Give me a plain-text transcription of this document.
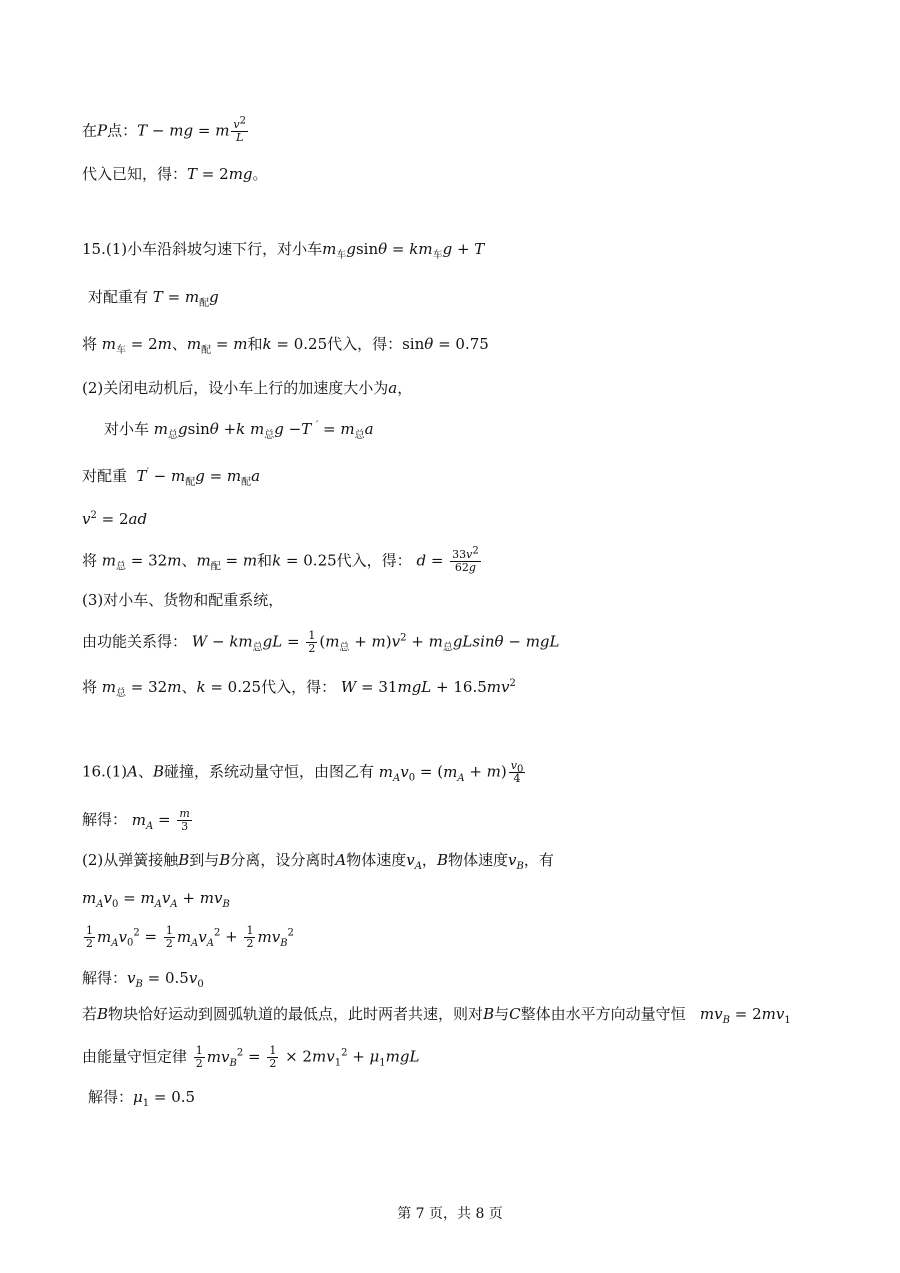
在P点：T − mg = m $\frac{v^2}{L}$
代入已知，得：T = 2mg。
15.(1)小车沿斜坡匀速下行，对小车$m_车gsin\theta = km_车g + T$
对配重有 $T = m_配g$
将 $m_车 = 2m$、$m_配 = m$和k = 0.25代入，得：sinθ = 0.75
(2)关闭电动机后，设小车上行的加速度大小为a，
对小车 $m_总gsin\theta +k$ $m_总g -T$ $' = m_总a$
对配重  $T' - m_配g = m_配a$
$v^2 = 2ad$
将 $m_总 = 32m$、$m_配 = m$和k = 0.25代入，得： $d = \frac{33v^2}{62g}$
(3)对小车、货物和配重系统，
由功能关系得： $W - km_总gL = \frac{1}{2} (m_总 + m)v^2 + m_总gLsin\theta$ − mgL
将 $m_总 = 32m$、k = 0.25代入，得： $W = 31mgL + 16.5mv^2$
16.(1)A、B碰撞，系统动量守恒，由图乙有 $m_Av_0 = (m_A + m) \frac{v_0}{4}$
解得： $m_A = \frac{m}{3}$
(2)从弹簧接触B到与B分离，设分离时A物体速度$v_A$，B物体速度$v_B$，有
$m_Av_0 = m_Av_A + mv_B$
$\frac{1}{2} m_Av_0^2 = \frac{1}{2} m_Av_A^2 + \frac{1}{2} mv_B^2$
解得：$v_B = 0.5v_0$
若B物块恰好运动到圆弧轨道的最低点，此时两者共速，则对B与C整体由水平方向动量守恒   $mv_B = 2mv_1$
由能量守恒定律 $\frac{1}{2} mv_B^2 = \frac{1}{2} \times 2mv_1^2 + \mu_1mgL$
解得：$\mu_1 = 0.5$
第 7 页，共 8 页
